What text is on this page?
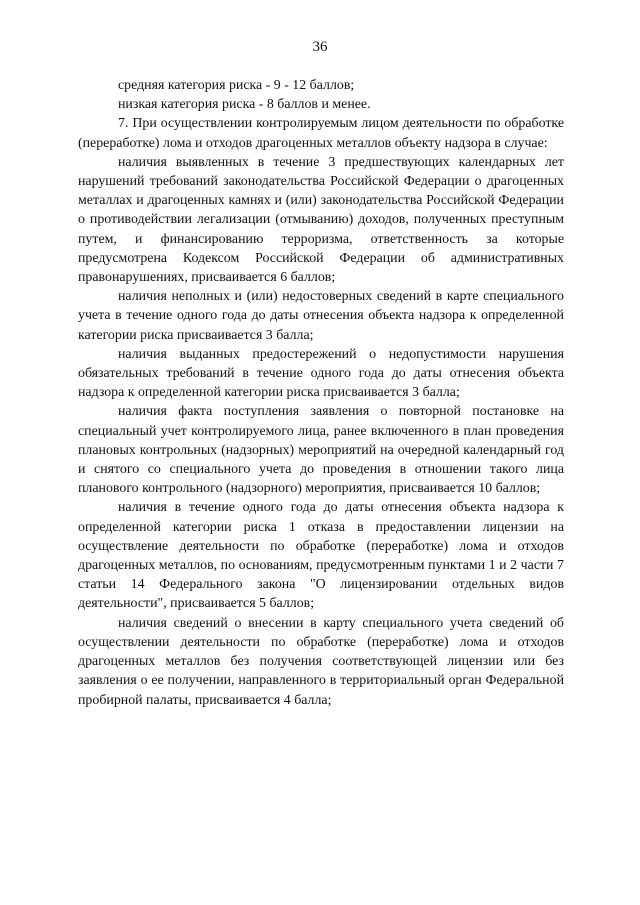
36

средняя категория риска - 9 - 12 баллов;

низкая категория риска - 8 баллов и менее.

7. При осуществлении контролируемым лицом деятельности по обработке (переработке) лома и отходов драгоценных металлов объекту надзора в случае:

наличия выявленных в течение 3 предшествующих календарных лет нарушений требований законодательства Российской Федерации о драгоценных металлах и драгоценных камнях и (или) законодательства Российской Федерации о противодействии легализации (отмыванию) доходов, полученных преступным путем, и финансированию терроризма, ответственность за которые предусмотрена Кодексом Российской Федерации об административных правонарушениях, присваивается 6 баллов;

наличия неполных и (или) недостоверных сведений в карте специального учета в течение одного года до даты отнесения объекта надзора к определенной категории риска присваивается 3 балла;

наличия выданных предостережений о недопустимости нарушения обязательных требований в течение одного года до даты отнесения объекта надзора к определенной категории риска присваивается 3 балла;

наличия факта поступления заявления о повторной постановке на специальный учет контролируемого лица, ранее включенного в план проведения плановых контрольных (надзорных) мероприятий на очередной календарный год и снятого со специального учета до проведения в отношении такого лица планового контрольного (надзорного) мероприятия, присваивается 10 баллов;

наличия в течение одного года до даты отнесения объекта надзора к определенной категории риска 1 отказа в предоставлении лицензии на осуществление деятельности по обработке (переработке) лома и отходов драгоценных металлов, по основаниям, предусмотренным пунктами 1 и 2 части 7 статьи 14 Федерального закона "О лицензировании отдельных видов деятельности", присваивается 5 баллов;

наличия сведений о внесении в карту специального учета сведений об осуществлении деятельности по обработке (переработке) лома и отходов драгоценных металлов без получения соответствующей лицензии или без заявления о ее получении, направленного в территориальный орган Федеральной пробирной палаты, присваивается 4 балла;
